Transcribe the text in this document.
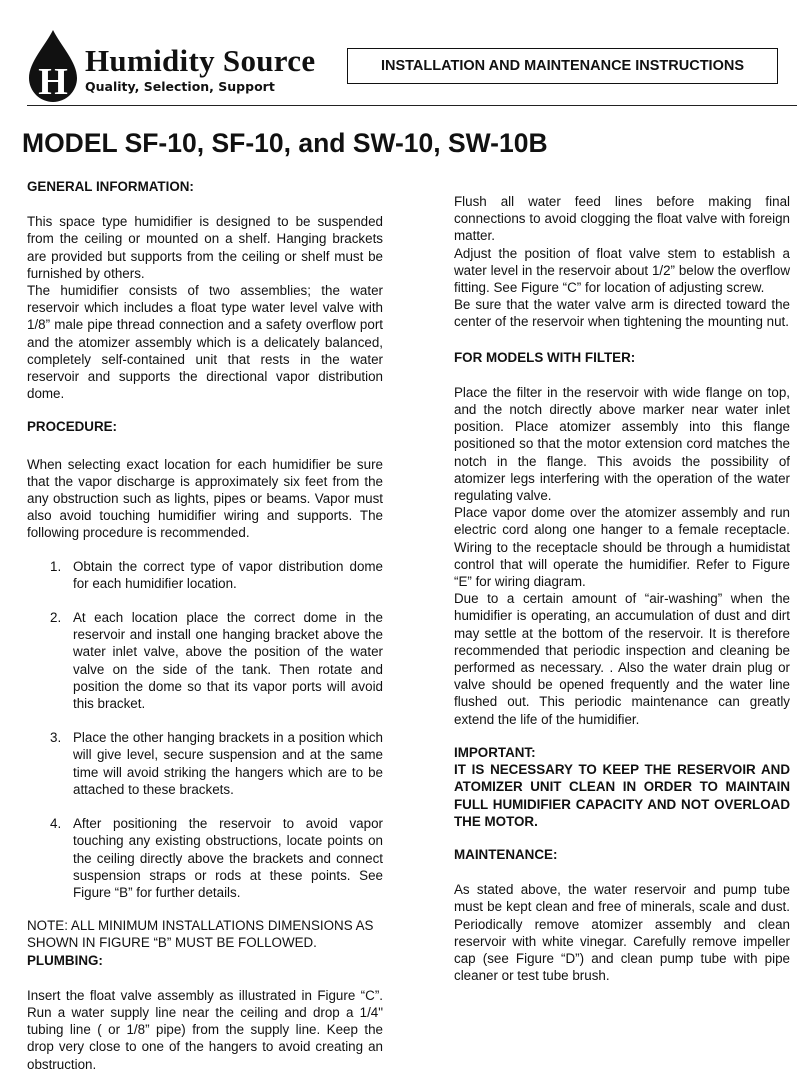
H
Humidity Source
Quality, Selection, Support
INSTALLATION AND MAINTENANCE INSTRUCTIONS
MODEL SF-10, SF-10, and SW-10, SW-10B

GENERAL INFORMATION:

This space type humidifier is designed to be suspended from the ceiling or mounted on a shelf. Hanging brackets are provided but supports from the ceiling or shelf must be furnished by others.

The humidifier consists of two assemblies; the water reservoir which includes a float type water level valve with 1/8” male pipe thread connection and a safety overflow port and the atomizer assembly which is a delicately balanced, completely self-contained unit that rests in the water reservoir and supports the directional vapor distribution dome.

PROCEDURE:

When selecting exact location for each humidifier be sure that the vapor discharge is approximately six feet from the any obstruction such as lights, pipes or beams. Vapor must also avoid touching humidifier wiring and supports. The following procedure is recommended.

1. Obtain the correct type of vapor distribution dome for each humidifier location.
2. At each location place the correct dome in the reservoir and install one hanging bracket above the water inlet valve, above the position of the water valve on the side of the tank. Then rotate and position the dome so that its vapor ports will avoid this bracket.
3. Place the other hanging brackets in a position which will give level, secure suspension and at the same time will avoid striking the hangers which are to be attached to these brackets.
4. After positioning the reservoir to avoid vapor touching any existing obstructions, locate points on the ceiling directly above the brackets and connect suspension straps or rods at these points. See Figure “B” for further details.

NOTE: ALL MINIMUM INSTALLATIONS DIMENSIONS AS SHOWN IN FIGURE “B” MUST BE FOLLOWED.

PLUMBING:

Insert the float valve assembly as illustrated in Figure “C”. Run a water supply line near the ceiling and drop a 1/4" tubing line ( or 1/8” pipe) from the supply line. Keep the drop very close to one of the hangers to avoid creating an obstruction.

Flush all water feed lines before making final connections to avoid clogging the float valve with foreign matter.

Adjust the position of float valve stem to establish a water level in the reservoir about 1/2” below the overflow fitting. See Figure “C” for location of adjusting screw.

Be sure that the water valve arm is directed toward the center of the reservoir when tightening the mounting nut.

FOR MODELS WITH FILTER:

Place the filter in the reservoir with wide flange on top, and the notch directly above marker near water inlet position. Place atomizer assembly into this flange positioned so that the motor extension cord matches the notch in the flange. This avoids the possibility of atomizer legs interfering with the operation of the water regulating valve.

Place vapor dome over the atomizer assembly and run electric cord along one hanger to a female receptacle. Wiring to the receptacle should be through a humidistat control that will operate the humidifier. Refer to Figure “E” for wiring diagram.

Due to a certain amount of “air-washing” when the humidifier is operating, an accumulation of dust and dirt may settle at the bottom of the reservoir. It is therefore recommended that periodic inspection and cleaning be performed as necessary. . Also the water drain plug or valve should be opened frequently and the water line flushed out. This periodic maintenance can greatly extend the life of the humidifier.

IMPORTANT:

IT IS NECESSARY TO KEEP THE RESERVOIR AND ATOMIZER UNIT CLEAN IN ORDER TO MAINTAIN FULL HUMIDIFIER CAPACITY AND NOT OVERLOAD THE MOTOR.

MAINTENANCE:

As stated above, the water reservoir and pump tube must be kept clean and free of minerals, scale and dust. Periodically remove atomizer assembly and clean reservoir with white vinegar. Carefully remove impeller cap (see Figure “D”) and clean pump tube with pipe cleaner or test tube brush.
